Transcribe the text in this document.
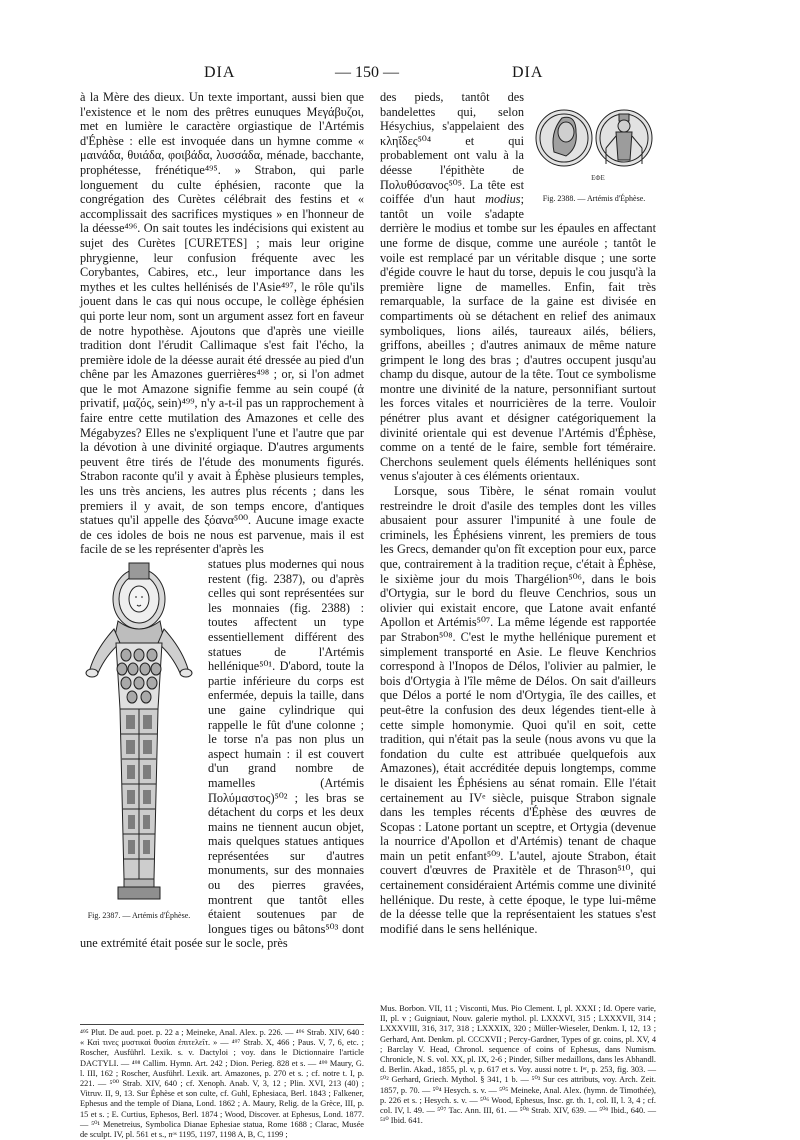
DIA	— 150 —	DIA

à la Mère des dieux. Un texte important, aussi bien que l'existence et le nom des prêtres eunuques Μεγάβυζοι, met en lumière le caractère orgiastique de l'Artémis d'Éphèse : elle est invoquée dans un hymne comme « μαινάδα, θυιάδα, φοιβάδα, λυσσάδα, ménade, bacchante, prophétesse, frénétique⁴⁹⁵. » Strabon, qui parle longuement du culte éphésien, raconte que la congrégation des Curètes célébrait des festins et « accomplissait des sacrifices mystiques » en l'honneur de la déesse⁴⁹⁶. On sait toutes les indécisions qui existent au sujet des Curètes [CURETES] ; mais leur origine phrygienne, leur confusion fréquente avec les Corybantes, Cabires, etc., leur importance dans les mythes et les cultes hellénisés de l'Asie⁴⁹⁷, le rôle qu'ils jouent dans le cas qui nous occupe, le collège éphésien qui porte leur nom, sont un argument assez fort en faveur de notre hypothèse. Ajoutons que d'après une vieille tradition dont l'érudit Callimaque s'est fait l'écho, la première idole de la déesse aurait été dressée au pied d'un chêne par les Amazones guerrières⁴⁹⁸ ; or, si l'on admet que le mot Amazone signifie femme au sein coupé (ἀ privatif, μαζός, sein)⁴⁹⁹, n'y a-t-il pas un rapprochement à faire entre cette mutilation des Amazones et celle des Mégabyzes? Elles ne s'expliquent l'une et l'autre que par la dévotion à une divinité orgiaque. D'autres arguments peuvent être tirés de l'étude des monuments figurés. Strabon raconte qu'il y avait à Éphèse plusieurs temples, les uns très anciens, les autres plus récents ; dans les premiers il y avait, de son temps encore, d'antiques statues qu'il appelle des ξόανα⁵⁰⁰. Aucune image exacte de ces idoles de bois ne nous est parvenue, mais il est facile de se les représenter d'après les

Fig. 2387. — Artémis d'Éphèse.

statues plus modernes qui nous restent (fig. 2387), ou d'après celles qui sont représentées sur les monnaies (fig. 2388) : toutes affectent un type essentiellement différent des statues de l'Artémis hellénique⁵⁰¹. D'abord, toute la partie inférieure du corps est enfermée, depuis la taille, dans une gaine cylindrique qui rappelle le fût d'une colonne ; le torse n'a pas non plus un aspect humain : il est couvert d'un grand nombre de mamelles (Artémis Πολύμαστος)⁵⁰² ; les bras se détachent du corps et les deux mains ne tiennent aucun objet, mais quelques statues antiques représentées sur d'autres monuments, sur des monnaies ou des pierres gravées, montrent que tantôt elles étaient soutenues par de longues tiges ou bâtons⁵⁰³ dont une extrémité était posée sur le socle, près

ΕΦΕ
Fig. 2388. — Artémis d'Éphèse.

des pieds, tantôt des bandelettes qui, selon Hésychius, s'appelaient des κληΐδες⁵⁰⁴ et qui probablement ont valu à la déesse l'épithète de Πολυθύσανος⁵⁰⁵. La tête est coiffée d'un haut modius; tantôt un voile s'adapte derrière le modius et tombe sur les épaules en affectant une forme de disque, comme une auréole ; tantôt le voile est remplacé par un véritable disque ; une sorte d'égide couvre le haut du torse, depuis le cou jusqu'à la première ligne de mamelles. Enfin, fait très remarquable, la surface de la gaine est divisée en compartiments où se détachent en relief des animaux symboliques, lions ailés, taureaux ailés, béliers, griffons, abeilles ; d'autres animaux de même nature grimpent le long des bras ; d'autres occupent jusqu'au champ du disque, autour de la tête. Tout ce symbolisme montre une divinité de la nature, personnifiant surtout les forces vitales et nourricières de la terre. Vouloir pénétrer plus avant et désigner catégoriquement la divinité orientale qui est devenue l'Artémis d'Éphèse, comme on a tenté de le faire, semble fort téméraire. Cherchons seulement quels éléments helléniques sont venus s'ajouter à ces éléments orientaux.

Lorsque, sous Tibère, le sénat romain voulut restreindre le droit d'asile des temples dont les villes abusaient pour assurer l'impunité à une foule de criminels, les Éphésiens vinrent, les premiers de tous les Grecs, demander qu'on fît exception pour eux, parce que, contrairement à la tradition reçue, c'était à Éphèse, le sixième jour du mois Thargélion⁵⁰⁶, dans le bois d'Ortygia, sur le bord du fleuve Cenchrios, sous un olivier qui existait encore, que Latone avait enfanté Apollon et Artémis⁵⁰⁷. La même légende est rapportée par Strabon⁵⁰⁸. C'est le mythe hellénique purement et simplement transporté en Asie. Le fleuve Kenchrios correspond à l'Inopos de Délos, l'olivier au palmier, le bois d'Ortygia à l'île même de Délos. On sait d'ailleurs que Délos a porté le nom d'Ortygia, île des cailles, et peut-être la confusion des deux légendes tient-elle à cette simple homonymie. Quoi qu'il en soit, cette tradition, qui n'était pas la seule (nous avons vu que la fondation du culte est attribuée quelquefois aux Amazones), était accréditée depuis longtemps, comme le disaient les Éphésiens au sénat romain. Elle l'était certainement au IVᵉ siècle, puisque Strabon signale dans les temples récents d'Éphèse des œuvres de Scopas : Latone portant un sceptre, et Ortygia (devenue la nourrice d'Apollon et d'Artémis) tenant de chaque main un petit enfant⁵⁰⁹. L'autel, ajoute Strabon, était couvert d'œuvres de Praxitèle et de Thrason⁵¹⁰, qui certainement considéraient Artémis comme une divinité hellénique. Du reste, à cette époque, le type lui-même de la déesse telle que la représentaient les statues s'est modifié dans le sens hellénique.

⁴⁹⁵ Plut. De aud. poet. p. 22 a ; Meineke, Anal. Alex. p. 226. — ⁴⁹⁶ Strab. XIV, 640 : « Καὶ τινες μυστικαὶ θυσίαι ἐπιτελεῖτ. » — ⁴⁹⁷ Strab. X, 466 ; Paus. V, 7, 6, etc. ; Roscher, Ausführl. Lexik. s. v. Dactyloi ; voy. dans le Dictionnaire l'article DACTYLI. — ⁴⁹⁸ Callim. Hymn. Art. 242 ; Dion. Perieg. 828 et s. — ⁴⁹⁹ Maury, G. l. III, 162 ; Roscher, Ausführl. Lexik. art. Amazones, p. 270 et s. ; cf. notre t. I, p. 221. — ⁵⁰⁰ Strab. XIV, 640 ; cf. Xenoph. Anab. V, 3, 12 ; Plin. XVI, 213 (40) ; Vitruv. II, 9, 13. Sur Éphèse et son culte, cf. Guhl, Ephesiaca, Berl. 1843 ; Falkener, Ephesus and the temple of Diana, Lond. 1862 ; A. Maury, Relig. de la Grèce, III, p. 15 et s. ; E. Curtius, Ephesos, Berl. 1874 ; Wood, Discover. at Ephesus, Lond. 1877. — ⁵⁰¹ Menetreius, Symbolica Dianae Ephesiae statua, Rome 1688 ; Clarac, Musée de sculpt. IV, pl. 561 et s., nᵒˢ 1195, 1197, 1198 A, B, C, 1199 ;

Mus. Borbon. VII, 11 ; Visconti, Mus. Pio Clement. I, pl. XXXI ; Id. Opere varie, II, pl. v ; Guigniaut, Nouv. galerie mythol. pl. LXXXVI, 315 ; LXXXVII, 314 ; LXXXVIII, 316, 317, 318 ; LXXXIX, 320 ; Müller-Wieseler, Denkm. I, 12, 13 ; Gerhard, Ant. Denkm. pl. CCCXVII ; Percy-Gardner, Types of gr. coins, pl. XV, 4 ; Barclay V. Head, Chronol. sequence of coins of Ephesus, dans Numism. Chronicle, N. S. vol. XX, pl. IX, 2-6 ; Pinder, Silber medaillons, dans les Abhandl. d. Berlin. Akad., 1855, pl. v, p. 617 et s. Voy. aussi notre t. Iᵉʳ, p. 253, fig. 303. — ⁵⁰² Gerhard, Griech. Mythol. § 341, 1 b. — ⁵⁰³ Sur ces attributs, voy. Arch. Zeit. 1857, p. 70. — ⁵⁰⁴ Hesych. s. v. — ⁵⁰⁵ Meineke, Anal. Alex. (hymn. de Timothée), p. 226 et s. ; Hesych. s. v. — ⁵⁰⁶ Wood, Ephesus, Insc. gr. th. 1, col. II, l. 3, 4 ; cf. col. IV, l. 49. — ⁵⁰⁷ Tac. Ann. III, 61. — ⁵⁰⁸ Strab. XIV, 639. — ⁵⁰⁹ Ibid., 640. — ⁵¹⁰ Ibid. 641.
